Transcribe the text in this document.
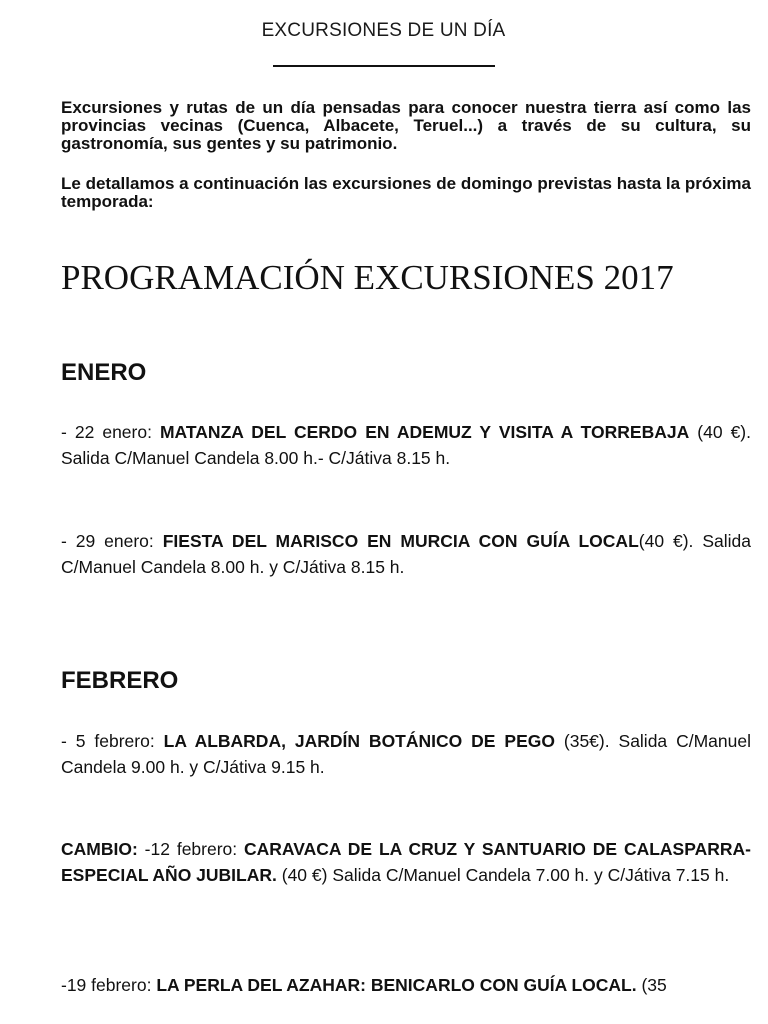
EXCURSIONES DE UN DÍA

Excursiones y rutas de un día pensadas para conocer nuestra tierra así como las provincias vecinas (Cuenca, Albacete, Teruel...) a través de su cultura, su gastronomía, sus gentes y su patrimonio.

Le detallamos a continuación las excursiones de domingo previstas hasta la próxima temporada:

PROGRAMACIÓN EXCURSIONES 2017
ENERO

- 22 enero: MATANZA DEL CERDO EN ADEMUZ Y VISITA A TORREBAJA (40 €). Salida C/Manuel Candela 8.00 h.- C/Játiva 8.15 h.

- 29 enero: FIESTA DEL MARISCO EN MURCIA CON GUÍA LOCAL(40 €). Salida C/Manuel Candela 8.00 h. y C/Játiva 8.15 h.

FEBRERO

- 5 febrero: LA ALBARDA, JARDÍN BOTÁNICO DE PEGO (35€). Salida C/Manuel Candela 9.00 h. y C/Játiva 9.15 h.

CAMBIO: -12 febrero: CARAVACA DE LA CRUZ Y SANTUARIO DE CALASPARRA- ESPECIAL AÑO JUBILAR. (40 €) Salida C/Manuel Candela 7.00 h. y C/Játiva 7.15 h.

-19 febrero: LA PERLA DEL AZAHAR: BENICARLO CON GUÍA LOCAL. (35
